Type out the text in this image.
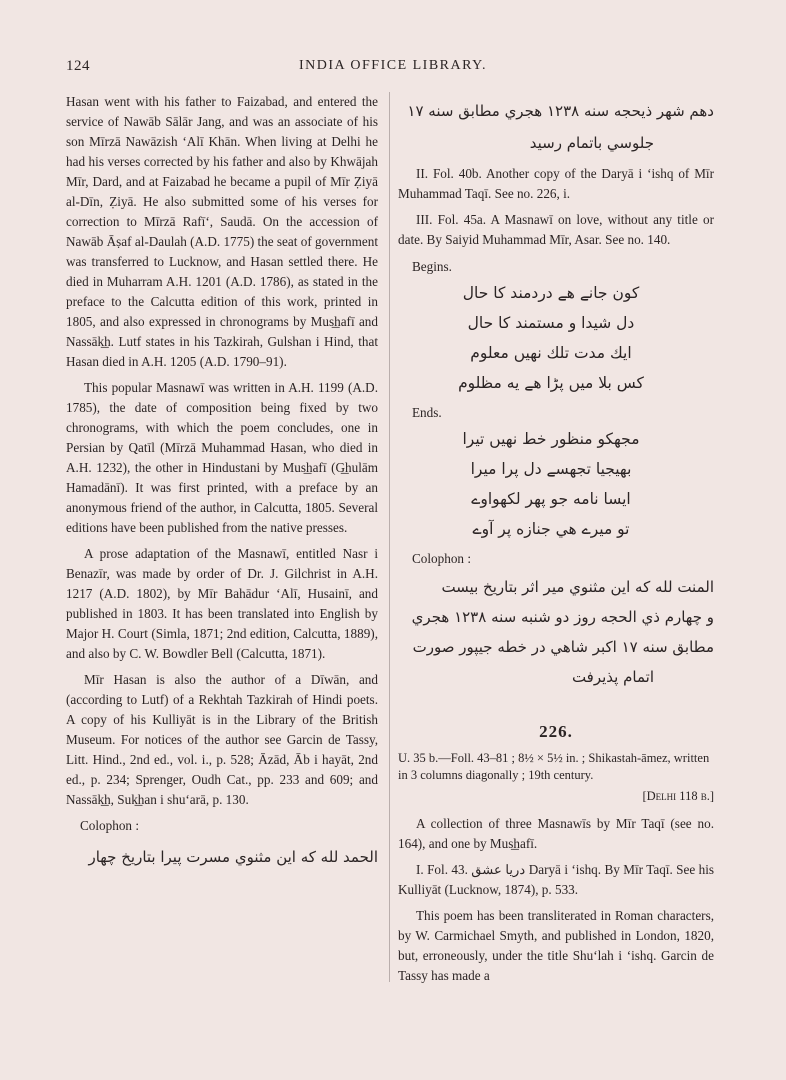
124	INDIA OFFICE LIBRARY.

Hasan went with his father to Faizabad, and entered the service of Nawāb Sālār Jang, and was an associate of his son Mīrzā Nawāzish ‘Alī Khān. When living at Delhi he had his verses corrected by his father and also by Khwājah Mīr, Dard, and at Faizabad he became a pupil of Mīr Ẓiyā al-Dīn, Ẓiyā. He also submitted some of his verses for correction to Mīrzā Rafī‘, Saudā. On the accession of Nawāb Āṣaf al-Daulah (A.D. 1775) the seat of government was transferred to Lucknow, and Hasan settled there. He died in Muharram A.H. 1201 (A.D. 1786), as stated in the preface to the Calcutta edition of this work, printed in 1805, and also expressed in chronograms by Mus͟hafī and Nassāk͟h. Lutf states in his Tazkirah, Gulshan i Hind, that Hasan died in A.H. 1205 (A.D. 1790–91).

This popular Masnawī was written in A.H. 1199 (A.D. 1785), the date of composition being fixed by two chronograms, with which the poem concludes, one in Persian by Qatīl (Mīrzā Muhammad Hasan, who died in A.H. 1232), the other in Hindustani by Mus͟hafī (G͟hulām Hamadānī). It was first printed, with a preface by an anonymous friend of the author, in Calcutta, 1805. Several editions have been published from the native presses.

A prose adaptation of the Masnawī, entitled Nasr i Benazīr, was made by order of Dr. J. Gilchrist in A.H. 1217 (A.D. 1802), by Mīr Bahādur ‘Alī, Husainī, and published in 1803. It has been translated into English by Major H. Court (Simla, 1871; 2nd edition, Calcutta, 1889), and also by C. W. Bowdler Bell (Calcutta, 1871).

Mīr Hasan is also the author of a Dīwān, and (according to Lutf) of a Rekhtah Tazkirah of Hindi poets. A copy of his Kulliyāt is in the Library of the British Museum. For notices of the author see Garcin de Tassy, Litt. Hind., 2nd ed., vol. i., p. 528; Āzād, Āb i hayāt, 2nd ed., p. 234; Sprenger, Oudh Cat., pp. 233 and 609; and Nassāk͟h, Suk͟han i shu‘arā, p. 130.

Colophon :
الحمد لله كه اين مثنوي مسرت پيرا بتاريخ چهار
دهم شهر ذيحجه سنه ۱۲۳۸ هجري مطابق سنه ۱۷
جلوسي باتمام رسيد

II. Fol. 40b. Another copy of the Daryā i ‘ishq of Mīr Muhammad Taqī. See no. 226, i.

III. Fol. 45a. A Masnawī on love, without any title or date. By Saiyid Muhammad Mīr, Asar. See no. 140.

Begins.
كون جانے هے دردمند كا حال
دل شيدا و مستمند كا حال
ايك مدت تلك نهيں معلوم
كس بلا ميں پڑا هے يه مظلوم
Ends.
مجهكو منظور خط نهيں تيرا
بهيجيا تجهسے دل پرا ميرا
ايسا نامه جو پهر لكهواوے
تو ميرے هي جنازه پر آوے
Colophon :
المنت لله كه اين مثنوي مير اثر بتاريخ بيست
و چهارم ذي الحجه روز دو شنبه سنه ۱۲۳۸ هجري
مطابق سنه ۱۷ اكبر شاهي در خطه جيپور صورت
اتمام پذيرفت
226.
U. 35 b.—Foll. 43–81 ; 8½ × 5½ in. ; Shikastah-āmez, written in 3 columns diagonally ; 19th century.
[Delhi 118 b.]

A collection of three Masnawīs by Mīr Taqī (see no. 164), and one by Mus͟hafī.

I. Fol. 43. دريا عشق Daryā i ‘ishq. By Mīr Taqī. See his Kulliyāt (Lucknow, 1874), p. 533.

This poem has been transliterated in Roman characters, by W. Carmichael Smyth, and published in London, 1820, but, erroneously, under the title Shu‘lah i ‘ishq. Garcin de Tassy has made a
